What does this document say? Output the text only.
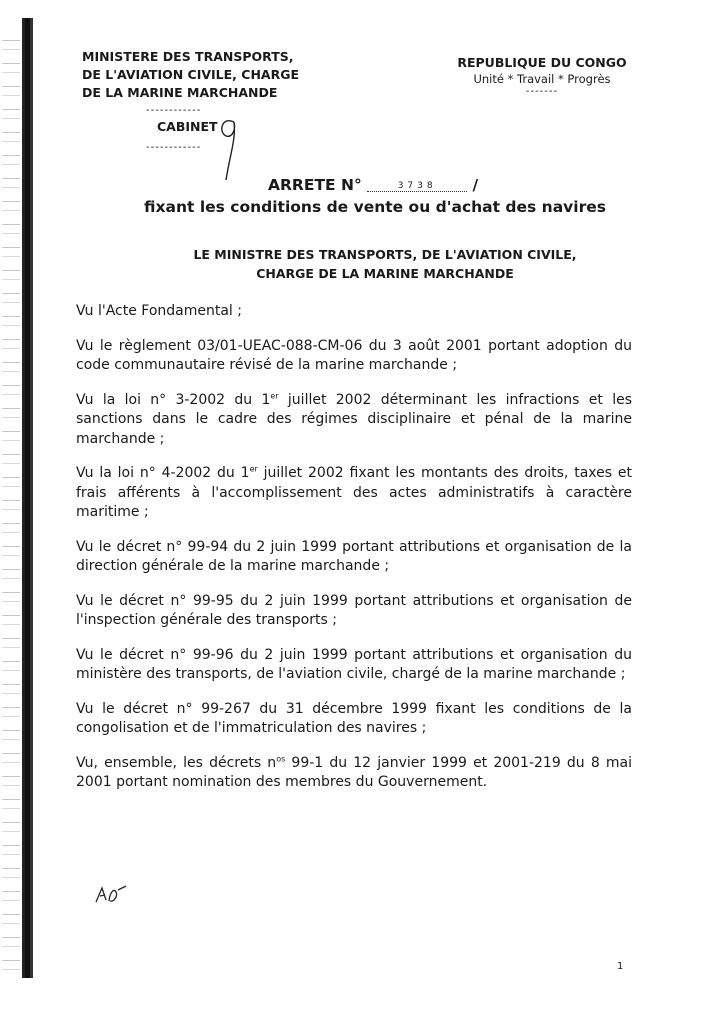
MINISTERE DES TRANSPORTS,
DE L'AVIATION CIVILE, CHARGE
DE LA MARINE MARCHANDE
REPUBLIQUE DU CONGO
Unité * Travail * Progrès
-------
------------
CABINET
------------
ARRETE N°	3738 /
fixant les conditions de vente ou d'achat des navires
LE MINISTRE DES TRANSPORTS, DE L'AVIATION CIVILE,
CHARGE DE LA MARINE MARCHANDE

Vu l'Acte Fondamental ;

Vu le règlement 03/01-UEAC-088-CM-06 du 3 août 2001 portant adoption du code communautaire révisé de la marine marchande ;

Vu la loi n° 3-2002 du 1er juillet 2002 déterminant les infractions et les sanctions dans le cadre des régimes disciplinaire et pénal de la marine marchande ;

Vu la loi n° 4-2002 du 1er juillet 2002 fixant les montants des droits, taxes et frais afférents à l'accomplissement des actes administratifs à caractère maritime ;

Vu le décret n° 99-94 du 2 juin 1999 portant attributions et organisation de la direction générale de la marine marchande ;

Vu le décret n° 99-95 du 2 juin 1999 portant attributions et organisation de l'inspection générale des transports ;

Vu le décret n° 99-96 du 2 juin 1999 portant attributions et organisation du ministère des transports, de l'aviation civile, chargé de la marine marchande ;

Vu le décret n° 99-267 du 31 décembre 1999 fixant les conditions de la congolisation et de l'immatriculation des navires ;

Vu, ensemble, les décrets $n^{os}$ 99-1 du 12 janvier 1999 et 2001-219 du 8 mai 2001 portant nomination des membres du Gouvernement.

1
